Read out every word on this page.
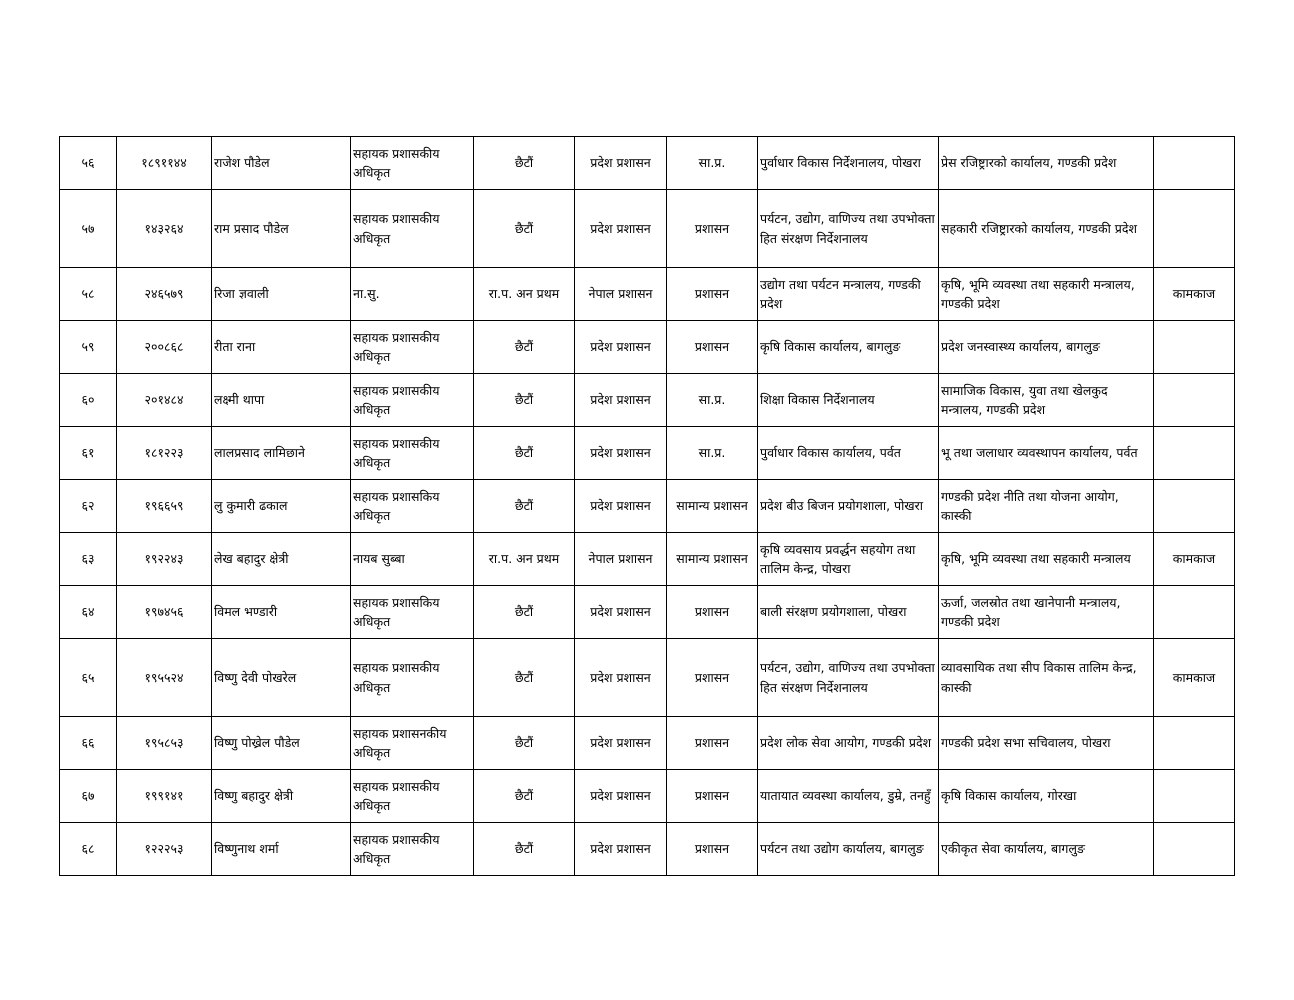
५६	१८९११४४	राजेश पौडेल	सहायक प्रशासकीय अधिकृत	छैटौं	प्रदेश प्रशासन	सा.प्र.	पुर्वाधार विकास निर्देशनालय, पोखरा	प्रेस रजिष्ट्रारको कार्यालय, गण्डकी प्रदेश	
५७	१४३२६४	राम प्रसाद पौडेल	सहायक प्रशासकीय अधिकृत	छैटौं	प्रदेश प्रशासन	प्रशासन	पर्यटन, उद्योग, वाणिज्य तथा उपभोक्ता हित संरक्षण निर्देशनालय	सहकारी रजिष्ट्रारको कार्यालय, गण्डकी प्रदेश	
५८	२४६५७९	रिजा ज्ञवाली	ना.सु.	रा.प. अन प्रथम	नेपाल प्रशासन	प्रशासन	उद्योग तथा पर्यटन मन्त्रालय, गण्डकी प्रदेश	कृषि, भूमि व्यवस्था तथा सहकारी मन्त्रालय, गण्डकी प्रदेश	कामकाज
५९	२००८६८	रीता राना	सहायक प्रशासकीय अधिकृत	छैटौं	प्रदेश प्रशासन	प्रशासन	कृषि विकास कार्यालय, बागलुङ	प्रदेश जनस्वास्थ्य कार्यालय, बागलुङ	
६०	२०१४८४	लक्ष्मी थापा	सहायक प्रशासकीय अधिकृत	छैटौं	प्रदेश प्रशासन	सा.प्र.	शिक्षा विकास निर्देशनालय	सामाजिक विकास, युवा तथा खेलकुद मन्त्रालय, गण्डकी प्रदेश	
६१	१८१२२३	लालप्रसाद लामिछाने	सहायक प्रशासकीय अधिकृत	छैटौं	प्रदेश प्रशासन	सा.प्र.	पुर्वाधार विकास कार्यालय, पर्वत	भू तथा जलाधार व्यवस्थापन कार्यालय, पर्वत	
६२	१९६६५९	लु कुमारी ढकाल	सहायक प्रशासकिय अधिकृत	छैटौं	प्रदेश प्रशासन	सामान्य प्रशासन	प्रदेश बीउ बिजन प्रयोगशाला, पोखरा	गण्डकी प्रदेश नीति तथा योजना आयोग, कास्की	
६३	१९२२४३	लेख बहादुर क्षेत्री	नायब सुब्बा	रा.प. अन प्रथम	नेपाल प्रशासन	सामान्य प्रशासन	कृषि व्यवसाय प्रवर्द्धन सहयोग तथा तालिम केन्द्र, पोखरा	कृषि, भूमि व्यवस्था तथा सहकारी मन्त्रालय	कामकाज
६४	१९७४५६	विमल भण्डारी	सहायक प्रशासकिय अधिकृत	छैटौं	प्रदेश प्रशासन	प्रशासन	बाली संरक्षण प्रयोगशाला, पोखरा	ऊर्जा, जलस्रोत तथा खानेपानी मन्त्रालय, गण्डकी प्रदेश	
६५	१९५५२४	विष्णु देवी पोखरेल	सहायक प्रशासकीय अधिकृत	छैटौं	प्रदेश प्रशासन	प्रशासन	पर्यटन, उद्योग, वाणिज्य तथा उपभोक्ता हित संरक्षण निर्देशनालय	व्यावसायिक तथा सीप विकास तालिम केन्द्र, कास्की	कामकाज
६६	१९५८५३	विष्णु पोख्रेल पौडेल	सहायक प्रशासनकीय अधिकृत	छैटौं	प्रदेश प्रशासन	प्रशासन	प्रदेश लोक सेवा आयोग, गण्डकी प्रदेश	गण्डकी प्रदेश सभा सचिवालय, पोखरा	
६७	१९९१४१	विष्णु बहादुर क्षेत्री	सहायक प्रशासकीय अधिकृत	छैटौं	प्रदेश प्रशासन	प्रशासन	यातायात व्यवस्था कार्यालय, डुम्रे, तनहुँ	कृषि विकास कार्यालय, गोरखा	
६८	१२२२५३	विष्णुनाथ शर्मा	सहायक प्रशासकीय अधिकृत	छैटौं	प्रदेश प्रशासन	प्रशासन	पर्यटन तथा उद्योग कार्यालय, बागलुङ	एकीकृत सेवा कार्यालय, बागलुङ	
